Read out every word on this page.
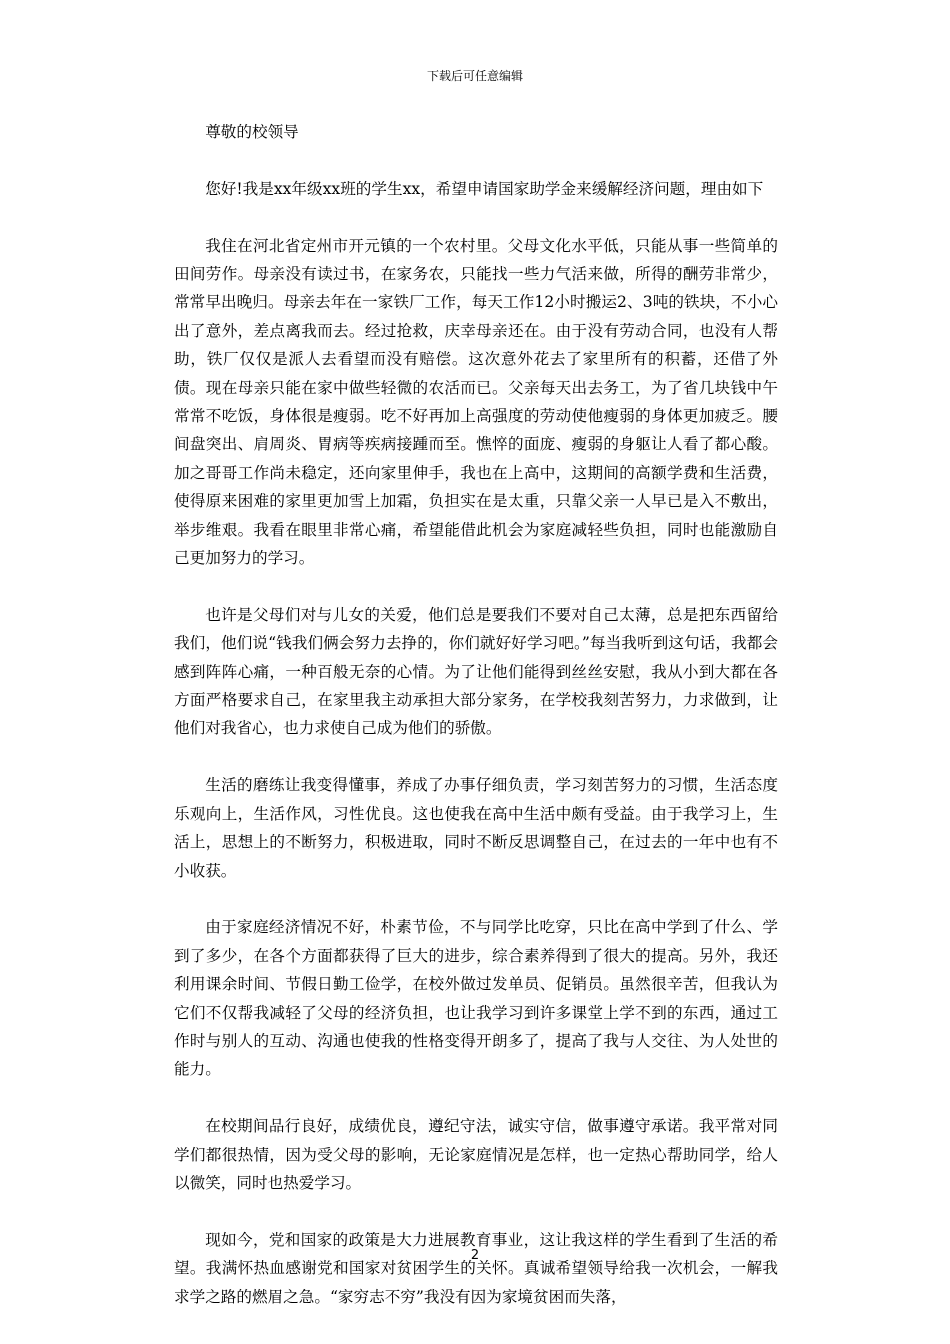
下载后可任意编辑

尊敬的校领导

您好!我是xx年级xx班的学生xx，希望申请国家助学金来缓解经济问题，理由如下

我住在河北省定州市开元镇的一个农村里。父母文化水平低，只能从事一些简单的田间劳作。母亲没有读过书，在家务农，只能找一些力气活来做，所得的酬劳非常少，常常早出晚归。母亲去年在一家铁厂工作，每天工作12小时搬运2、3吨的铁块，不小心出了意外，差点离我而去。经过抢救，庆幸母亲还在。由于没有劳动合同，也没有人帮助，铁厂仅仅是派人去看望而没有赔偿。这次意外花去了家里所有的积蓄，还借了外债。现在母亲只能在家中做些轻微的农活而已。父亲每天出去务工，为了省几块钱中午常常不吃饭，身体很是瘦弱。吃不好再加上高强度的劳动使他瘦弱的身体更加疲乏。腰间盘突出、肩周炎、胃病等疾病接踵而至。憔悴的面庞、瘦弱的身躯让人看了都心酸。加之哥哥工作尚未稳定，还向家里伸手，我也在上高中，这期间的高额学费和生活费，使得原来困难的家里更加雪上加霜，负担实在是太重，只靠父亲一人早已是入不敷出，举步维艰。我看在眼里非常心痛，希望能借此机会为家庭减轻些负担，同时也能激励自己更加努力的学习。

也许是父母们对与儿女的关爱，他们总是要我们不要对自己太薄，总是把东西留给我们，他们说“钱我们俩会努力去挣的，你们就好好学习吧。”每当我听到这句话，我都会感到阵阵心痛，一种百般无奈的心情。为了让他们能得到丝丝安慰，我从小到大都在各方面严格要求自己，在家里我主动承担大部分家务，在学校我刻苦努力，力求做到，让他们对我省心，也力求使自己成为他们的骄傲。

生活的磨练让我变得懂事，养成了办事仔细负责，学习刻苦努力的习惯，生活态度乐观向上，生活作风，习性优良。这也使我在高中生活中颇有受益。由于我学习上，生活上，思想上的不断努力，积极进取，同时不断反思调整自己，在过去的一年中也有不小收获。

由于家庭经济情况不好，朴素节俭，不与同学比吃穿，只比在高中学到了什么、学到了多少，在各个方面都获得了巨大的进步，综合素养得到了很大的提高。另外，我还利用课余时间、节假日勤工俭学，在校外做过发单员、促销员。虽然很辛苦，但我认为它们不仅帮我减轻了父母的经济负担，也让我学习到许多课堂上学不到的东西，通过工作时与别人的互动、沟通也使我的性格变得开朗多了，提高了我与人交往、为人处世的能力。

在校期间品行良好，成绩优良，遵纪守法，诚实守信，做事遵守承诺。我平常对同学们都很热情，因为受父母的影响，无论家庭情况是怎样，也一定热心帮助同学，给人以微笑，同时也热爱学习。

现如今，党和国家的政策是大力进展教育事业，这让我这样的学生看到了生活的希望。我满怀热血感谢党和国家对贫困学生的关怀。真诚希望领导给我一次机会，一解我求学之路的燃眉之急。“家穷志不穷”我没有因为家境贫困而失落，

2
